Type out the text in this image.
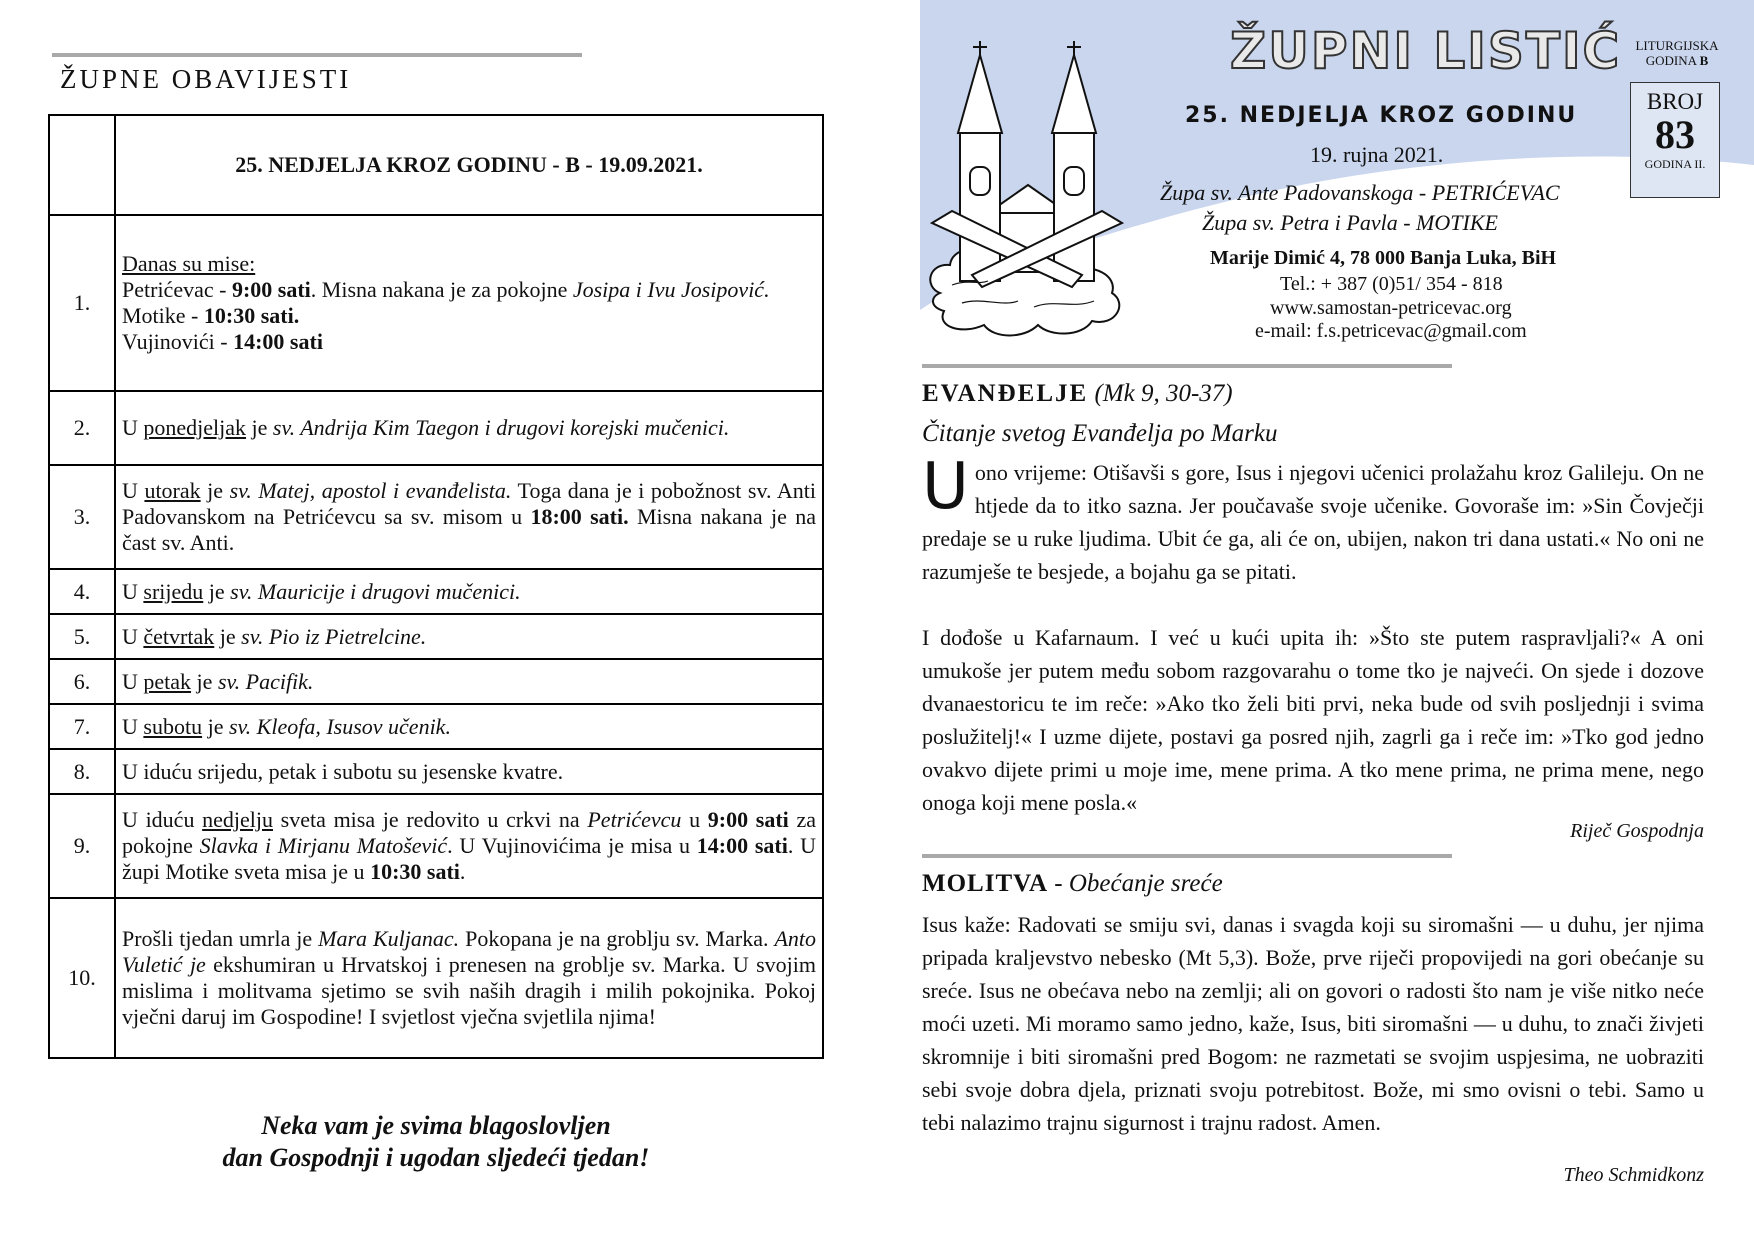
ŽUPNE OBAVIJESTI
	25. NEDJELJA KROZ GODINU - B - 19.09.2021.
1.	Danas su mise:
Petrićevac - 9:00 sati. Misna nakana je za pokojne Josipa i Ivu Josipović.
Motike - 10:30 sati.
Vujinovići - 14:00 sati

2.	U ponedjeljak je sv. Andrija Kim Taegon i drugovi korejski mučenici.
3.	U utorak je sv. Matej, apostol i evanđelista. Toga dana je i pobožnost sv. Anti Padovanskom na Petrićevcu sa sv. misom u 18:00 sati. Misna nakana je na čast sv. Anti.
4.	U srijedu je sv. Mauricije i drugovi mučenici.
5.	U četvrtak je sv. Pio iz Pietrelcine.
6.	U petak je sv. Pacifik.
7.	U subotu je sv. Kleofa, Isusov učenik.
8.	U iduću srijedu, petak i subotu su jesenske kvatre.
9.	U iduću nedjelju sveta misa je redovito u crkvi na Petrićevcu u 9:00 sati za pokojne Slavka i Mirjanu Matošević. U Vujinovićima je misa u 14:00 sati. U župi Motike sveta misa je u 10:30 sati.
10.	Prošli tjedan umrla je Mara Kuljanac. Pokopana je na groblju sv. Marka. Anto Vuletić je ekshumiran u Hrvatskoj i prenesen na groblje sv. Marka. U svojim mislima i molitvama sjetimo se svih naših dragih i milih pokojnika. Pokoj vječni daruj im Gospodine! I svjetlost vječna svjetlila njima!
Neka vam je svima blagoslovljen
dan Gospodnji i ugodan sljedeći tjedan!
ŽUPNI LISTIĆ	LITURGIJSKA
GODINA B
BROJ
83
GODINA II.
25. NEDJELJA KROZ GODINU
19. rujna 2021.
Župa sv. Ante Padovanskoga - PETRIĆEVAC
Župa sv. Petra i Pavla - MOTIKE
Marije Dimić 4, 78 000 Banja Luka, BiH
Tel.: + 387 (0)51/ 354 - 818
www.samostan-petricevac.org
e-mail: f.s.petricevac@gmail.com
EVANĐELJE (Mk 9, 30-37)
Čitanje svetog Evanđelja po Marku
Uono vrijeme: Otišavši s gore, Isus i njegovi učenici prolažahu kroz Galileju. On ne htjede da to itko sazna. Jer poučavaše svoje učenike. Govoraše im: »Sin Čovječji predaje se u ruke ljudima. Ubit će ga, ali će on, ubijen, nakon tri dana ustati.« No oni ne razumješe te besjede, a bojahu ga se pitati.
I dođoše u Kafarnaum. I već u kući upita ih: »Što ste putem raspravljali?« A oni umukoše jer putem među sobom razgovarahu o tome tko je najveći. On sjede i dozove dvanaestoricu te im reče: »Ako tko želi biti prvi, neka bude od svih posljednji i svima poslužitelj!« I uzme dijete, postavi ga posred njih, zagrli ga i reče im: »Tko god jedno ovakvo dijete primi u moje ime, mene prima. A tko mene prima, ne prima mene, nego onoga koji mene posla.«
Riječ Gospodnja
MOLITVA - Obećanje sreće
Isus kaže: Radovati se smiju svi, danas i svagda koji su siromašni — u duhu, jer njima pripada kraljevstvo nebesko (Mt 5,3). Bože, prve riječi propovijedi na gori obećanje su sreće. Isus ne obećava nebo na zemlji; ali on govori o radosti što nam je više nitko neće moći uzeti. Mi moramo samo jedno, kaže, Isus, biti siromašni — u duhu, to znači živjeti skromnije i biti siromašni pred Bogom: ne razmetati se svojim uspjesima, ne uobraziti sebi svoje dobra djela, priznati svoju potrebitost. Bože, mi smo ovisni o tebi. Samo u tebi nalazimo trajnu sigurnost i trajnu radost. Amen.
Theo Schmidkonz
